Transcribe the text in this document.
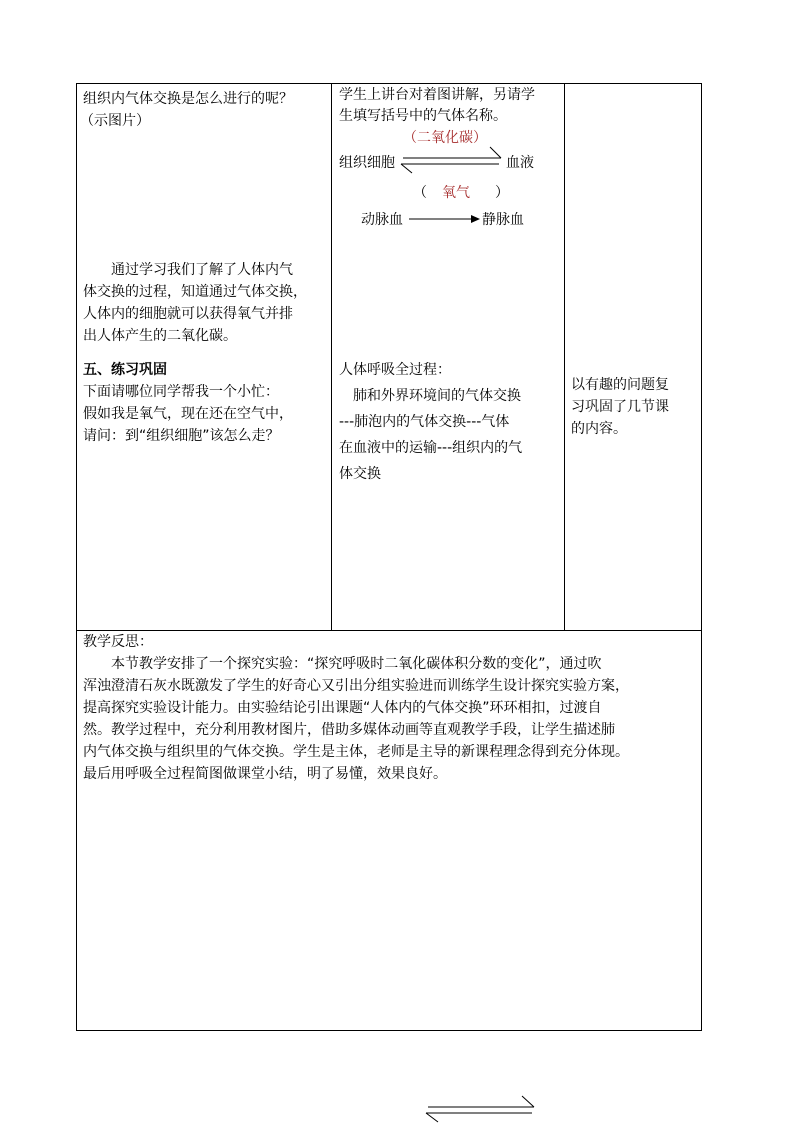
组织内气体交换是怎么进行的呢？
（示图片）
　　通过学习我们了解了人体内气
体交换的过程，知道通过气体交换，
人体内的细胞就可以获得氧气并排
出人体产生的二氧化碳。
五、练习巩固
下面请哪位同学帮我一个小忙：
假如我是氧气，现在还在空气中，
请问：到“组织细胞”该怎么走？
学生上讲台对着图讲解，另请学
生填写括号中的气体名称。
（二氧化碳）
组织细胞	血液
（ 氧气 ）
动脉血	静脉血
人体呼吸全过程：
　肺和外界环境间的气体交换
---肺泡内的气体交换---气体
在血液中的运输---组织内的气
体交换
以有趣的问题复
习巩固了几节课
的内容。
教学反思：
　　本节教学安排了一个探究实验：“探究呼吸时二氧化碳体积分数的变化”，通过吹
浑浊澄清石灰水既激发了学生的好奇心又引出分组实验进而训练学生设计探究实验方案，
提高探究实验设计能力。由实验结论引出课题“人体内的气体交换”环环相扣，过渡自
然。教学过程中，充分利用教材图片，借助多媒体动画等直观教学手段，让学生描述肺
内气体交换与组织里的气体交换。学生是主体，老师是主导的新课程理念得到充分体现。
最后用呼吸全过程简图做课堂小结，明了易懂，效果良好。
